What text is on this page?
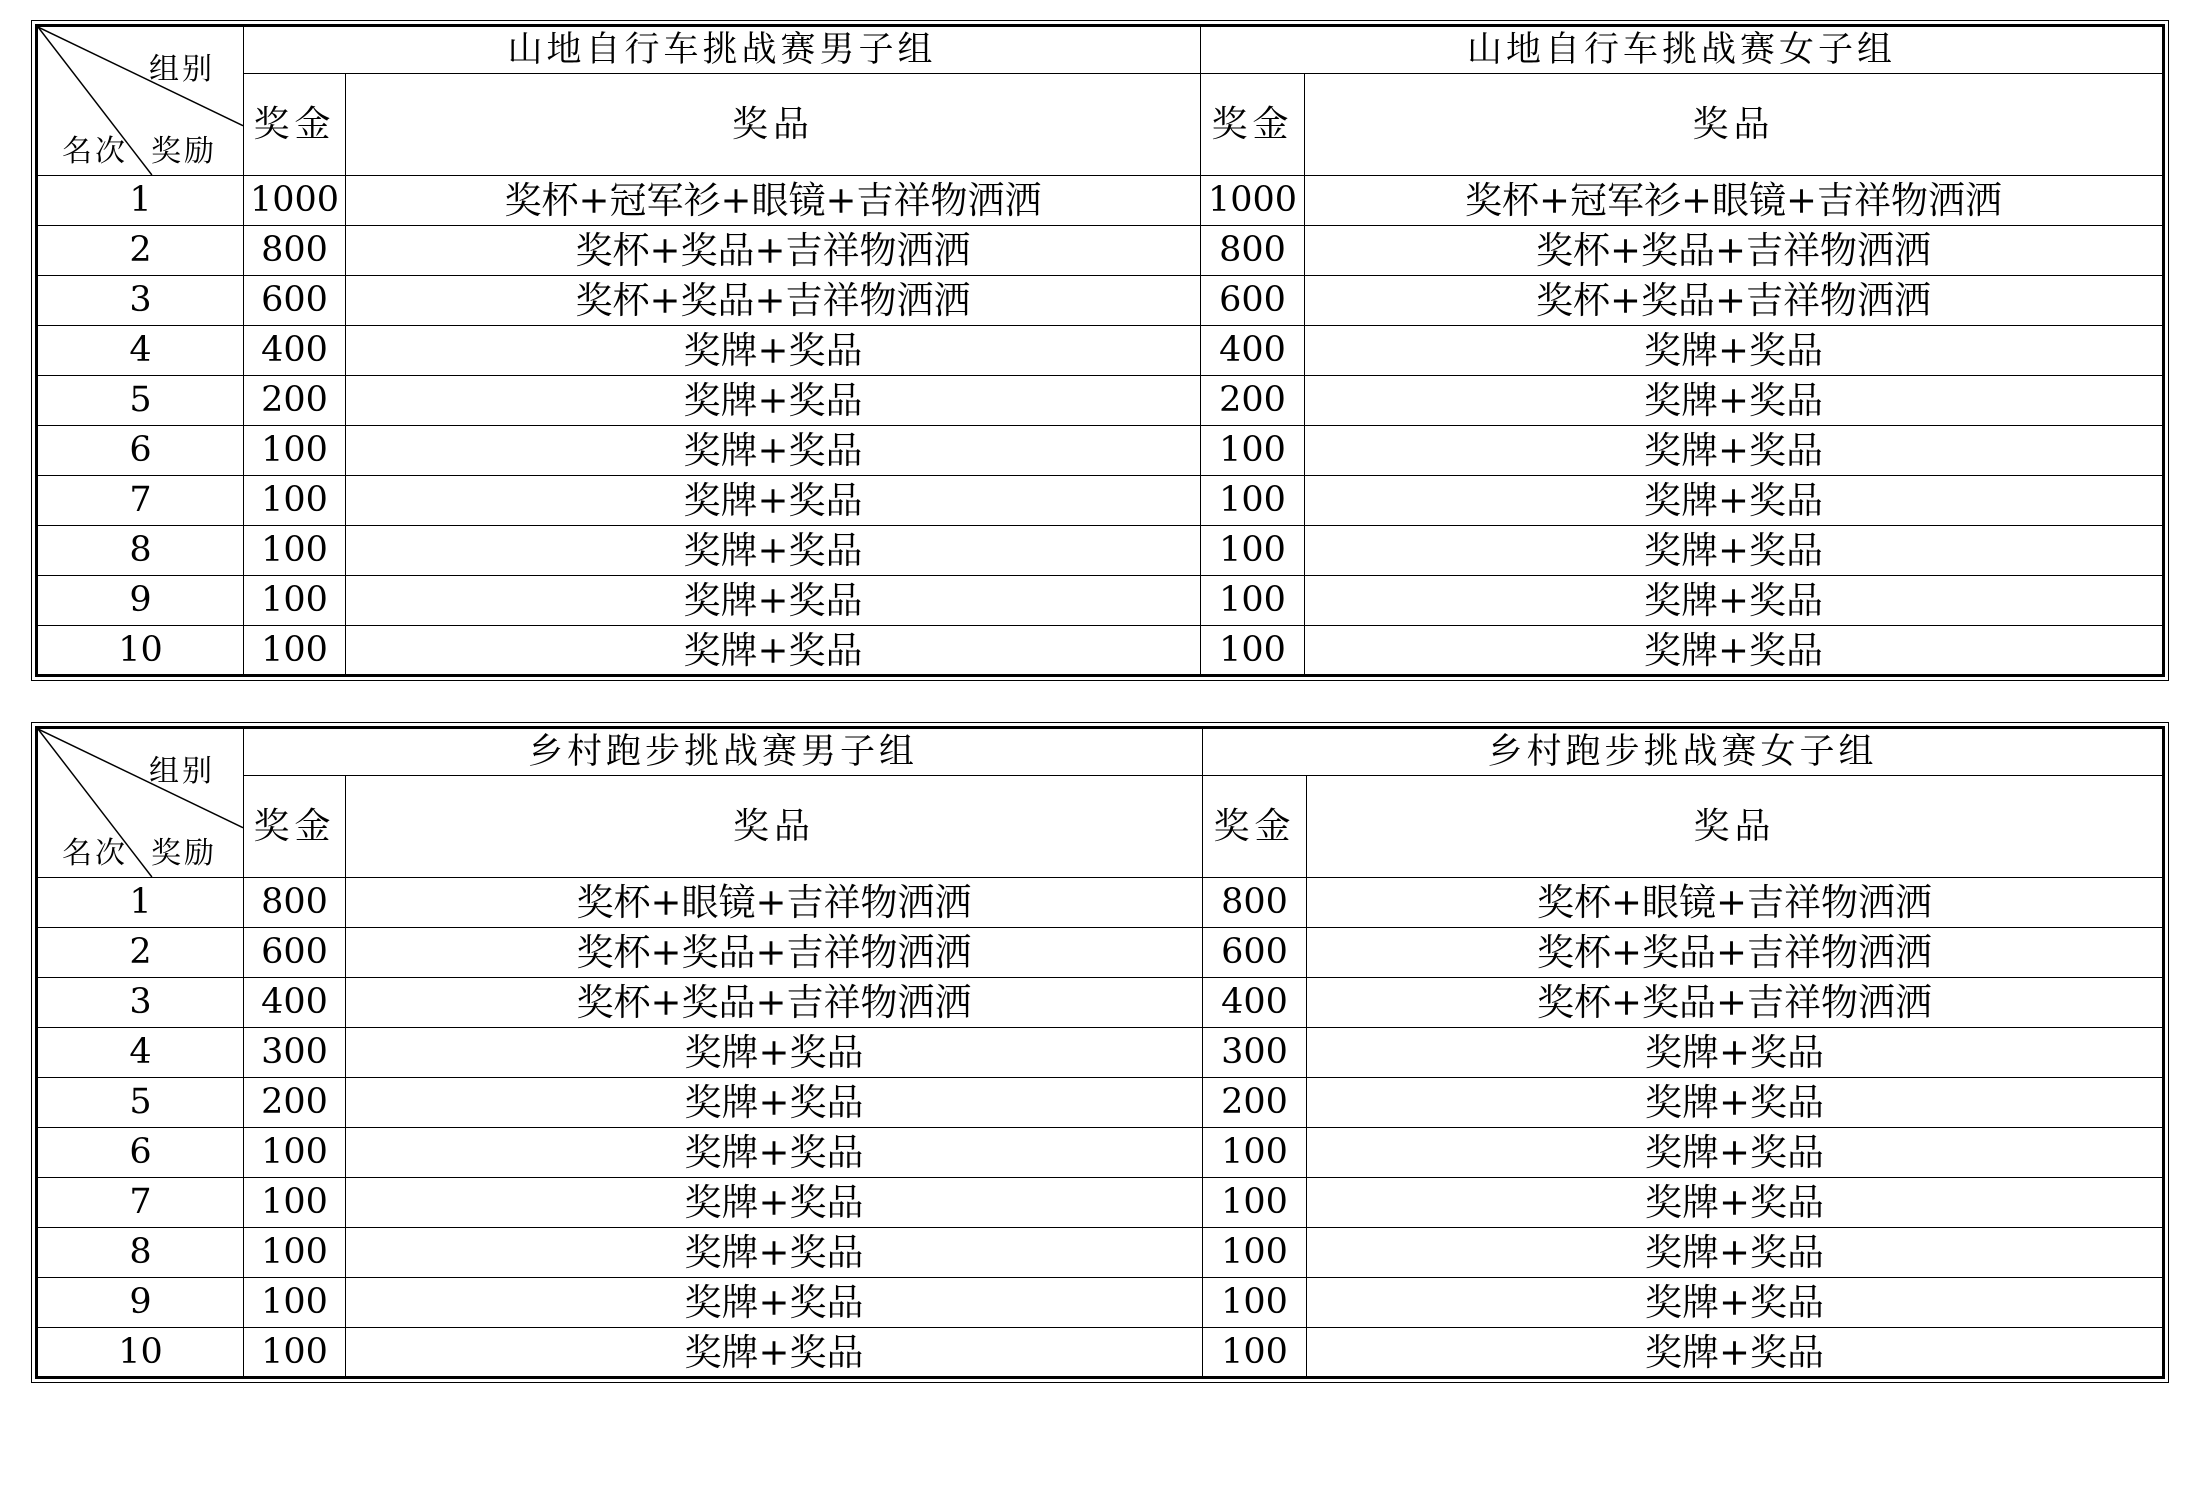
组别
名次 奖励	山地自行车挑战赛男子组		山地自行车挑战赛女子组	
	奖金	奖品	奖金	奖品
1	1000	奖杯+冠军衫+眼镜+吉祥物洒洒	1000	奖杯+冠军衫+眼镜+吉祥物洒洒
2	800	奖杯+奖品+吉祥物洒洒	800	奖杯+奖品+吉祥物洒洒
3	600	奖杯+奖品+吉祥物洒洒	600	奖杯+奖品+吉祥物洒洒
4	400	奖牌+奖品	400	奖牌+奖品
5	200	奖牌+奖品	200	奖牌+奖品
6	100	奖牌+奖品	100	奖牌+奖品
7	100	奖牌+奖品	100	奖牌+奖品
8	100	奖牌+奖品	100	奖牌+奖品
9	100	奖牌+奖品	100	奖牌+奖品
10	100	奖牌+奖品	100	奖牌+奖品
组别
名次 奖励	乡村跑步挑战赛男子组		乡村跑步挑战赛女子组	
	奖金	奖品	奖金	奖品
1	800	奖杯+眼镜+吉祥物洒洒	800	奖杯+眼镜+吉祥物洒洒
2	600	奖杯+奖品+吉祥物洒洒	600	奖杯+奖品+吉祥物洒洒
3	400	奖杯+奖品+吉祥物洒洒	400	奖杯+奖品+吉祥物洒洒
4	300	奖牌+奖品	300	奖牌+奖品
5	200	奖牌+奖品	200	奖牌+奖品
6	100	奖牌+奖品	100	奖牌+奖品
7	100	奖牌+奖品	100	奖牌+奖品
8	100	奖牌+奖品	100	奖牌+奖品
9	100	奖牌+奖品	100	奖牌+奖品
10	100	奖牌+奖品	100	奖牌+奖品
